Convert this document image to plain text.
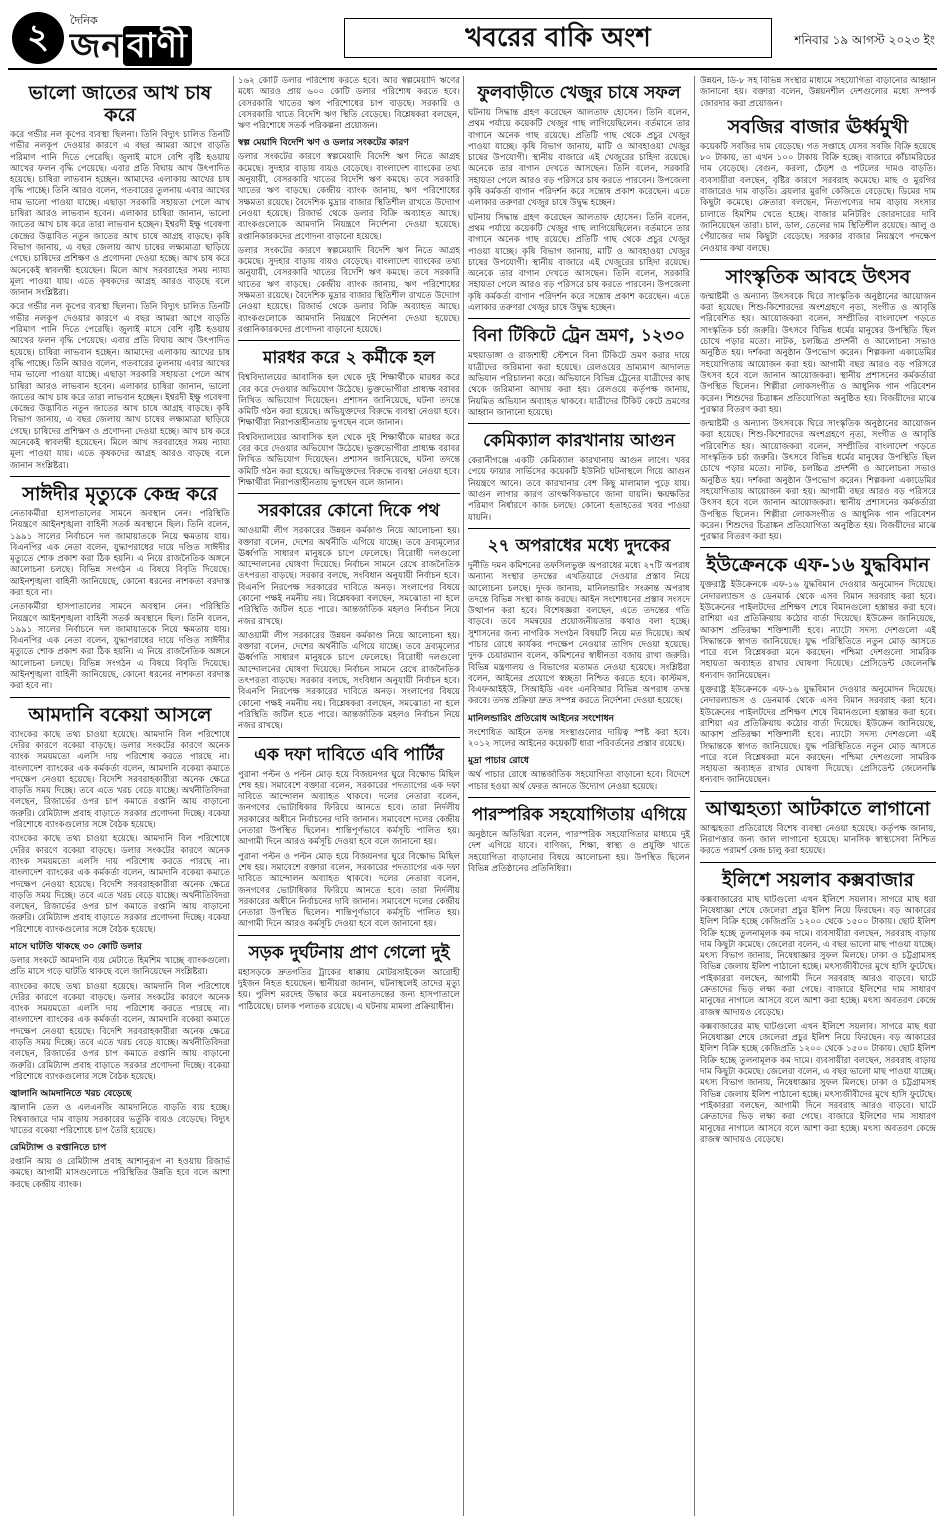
২	দৈনিক
জন বাণী	খবরের বাকি অংশ	শনিবার ১৯ আগস্ট ২০২৩ ইং
ভালো জাতের আখ চাষ করে

করে গন্ডীর নল কূপের ব্যবস্থা ছিলনা। তিনি বিদ্যুৎ চালিত তিনটি গভীর নলকূপ দেওয়ার কারণে এ বছর আমরা আগে বাড়তি পরিমাণ পানি দিতে পেরেছি। জুলাই মাসে বেশি বৃষ্টি হওয়ায় আখের ফলন বৃদ্ধি পেয়েছে। এবার প্রতি বিঘায় আখ উৎপাদিত হয়েছে। চাষিরা লাভবান হচ্ছেন। আমাদের এলাকায় আখের চাষ বৃদ্ধি পাচ্ছে। তিনি আরও বলেন, গতবারের তুলনায় এবার আখের দাম ভালো পাওয়া যাচ্ছে। এছাড়া সরকারি সহায়তা পেলে আখ চাষিরা আরও লাভবান হবেন। এলাকার চাষিরা জানান, ভালো জাতের আখ চাষ করে তারা লাভবান হচ্ছেন। ইশ্বরদী ইক্ষু গবেষণা কেন্দ্রের উদ্ভাবিত নতুন জাতের আখ চাষে আগ্রহ বাড়ছে। কৃষি বিভাগ জানায়, এ বছর জেলায় আখ চাষের লক্ষ্যমাত্রা ছাড়িয়ে গেছে। চাষিদের প্রশিক্ষণ ও প্রণোদনা দেওয়া হচ্ছে। আখ চাষ করে অনেকেই স্বাবলম্বী হয়েছেন। মিলে আখ সরবরাহের সময় ন্যায্য মূল্য পাওয়া যায়। এতে কৃষকদের আগ্রহ আরও বাড়ছে বলে জানান সংশ্লিষ্টরা।

করে গন্ডীর নল কূপের ব্যবস্থা ছিলনা। তিনি বিদ্যুৎ চালিত তিনটি গভীর নলকূপ দেওয়ার কারণে এ বছর আমরা আগে বাড়তি পরিমাণ পানি দিতে পেরেছি। জুলাই মাসে বেশি বৃষ্টি হওয়ায় আখের ফলন বৃদ্ধি পেয়েছে। এবার প্রতি বিঘায় আখ উৎপাদিত হয়েছে। চাষিরা লাভবান হচ্ছেন। আমাদের এলাকায় আখের চাষ বৃদ্ধি পাচ্ছে। তিনি আরও বলেন, গতবারের তুলনায় এবার আখের দাম ভালো পাওয়া যাচ্ছে। এছাড়া সরকারি সহায়তা পেলে আখ চাষিরা আরও লাভবান হবেন। এলাকার চাষিরা জানান, ভালো জাতের আখ চাষ করে তারা লাভবান হচ্ছেন। ইশ্বরদী ইক্ষু গবেষণা কেন্দ্রের উদ্ভাবিত নতুন জাতের আখ চাষে আগ্রহ বাড়ছে। কৃষি বিভাগ জানায়, এ বছর জেলায় আখ চাষের লক্ষ্যমাত্রা ছাড়িয়ে গেছে। চাষিদের প্রশিক্ষণ ও প্রণোদনা দেওয়া হচ্ছে। আখ চাষ করে অনেকেই স্বাবলম্বী হয়েছেন। মিলে আখ সরবরাহের সময় ন্যায্য মূল্য পাওয়া যায়। এতে কৃষকদের আগ্রহ আরও বাড়ছে বলে জানান সংশ্লিষ্টরা।

সাঈদীর মৃত্যুকে কেন্দ্র করে

নেতাকর্মীরা হাসপাতালের সামনে অবস্থান নেন। পরিস্থিতি নিয়ন্ত্রণে আইনশৃঙ্খলা বাহিনী সতর্ক অবস্থানে ছিল। তিনি বলেন, ১৯৯১ সালের নির্বাচনে দল জামায়াতকে নিয়ে ক্ষমতায় যায়। বিএনপির এক নেতা বলেন, যুদ্ধাপরাধের দায়ে দণ্ডিত সাঈদীর মৃত্যুতে শোক প্রকাশ করা ঠিক হয়নি। এ নিয়ে রাজনৈতিক অঙ্গনে আলোচনা চলছে। বিভিন্ন সংগঠন এ বিষয়ে বিবৃতি দিয়েছে। আইনশৃঙ্খলা বাহিনী জানিয়েছে, কোনো ধরনের নাশকতা বরদাস্ত করা হবে না।

নেতাকর্মীরা হাসপাতালের সামনে অবস্থান নেন। পরিস্থিতি নিয়ন্ত্রণে আইনশৃঙ্খলা বাহিনী সতর্ক অবস্থানে ছিল। তিনি বলেন, ১৯৯১ সালের নির্বাচনে দল জামায়াতকে নিয়ে ক্ষমতায় যায়। বিএনপির এক নেতা বলেন, যুদ্ধাপরাধের দায়ে দণ্ডিত সাঈদীর মৃত্যুতে শোক প্রকাশ করা ঠিক হয়নি। এ নিয়ে রাজনৈতিক অঙ্গনে আলোচনা চলছে। বিভিন্ন সংগঠন এ বিষয়ে বিবৃতি দিয়েছে। আইনশৃঙ্খলা বাহিনী জানিয়েছে, কোনো ধরনের নাশকতা বরদাস্ত করা হবে না।

আমদানি বকেয়া আসলে

ব্যাংকের কাছে তথ্য চাওয়া হয়েছে। আমদানি বিল পরিশোধে দেরির কারণে বকেয়া বাড়ছে। ডলার সংকটের কারণে অনেক ব্যাংক সময়মতো এলসি দায় পরিশোধ করতে পারছে না। বাংলাদেশ ব্যাংকের এক কর্মকর্তা বলেন, আমদানি বকেয়া কমাতে পদক্ষেপ নেওয়া হয়েছে। বিদেশি সরবরাহকারীরা অনেক ক্ষেত্রে বাড়তি সময় দিচ্ছে। তবে এতে খরচ বেড়ে যাচ্ছে। অর্থনীতিবিদরা বলছেন, রিজার্ভের ওপর চাপ কমাতে রপ্তানি আয় বাড়ানো জরুরি। রেমিট্যান্স প্রবাহ বাড়াতে সরকার প্রণোদনা দিচ্ছে। বকেয়া পরিশোধে ব্যাংকগুলোর সঙ্গে বৈঠক হয়েছে।

ব্যাংকের কাছে তথ্য চাওয়া হয়েছে। আমদানি বিল পরিশোধে দেরির কারণে বকেয়া বাড়ছে। ডলার সংকটের কারণে অনেক ব্যাংক সময়মতো এলসি দায় পরিশোধ করতে পারছে না। বাংলাদেশ ব্যাংকের এক কর্মকর্তা বলেন, আমদানি বকেয়া কমাতে পদক্ষেপ নেওয়া হয়েছে। বিদেশি সরবরাহকারীরা অনেক ক্ষেত্রে বাড়তি সময় দিচ্ছে। তবে এতে খরচ বেড়ে যাচ্ছে। অর্থনীতিবিদরা বলছেন, রিজার্ভের ওপর চাপ কমাতে রপ্তানি আয় বাড়ানো জরুরি। রেমিট্যান্স প্রবাহ বাড়াতে সরকার প্রণোদনা দিচ্ছে। বকেয়া পরিশোধে ব্যাংকগুলোর সঙ্গে বৈঠক হয়েছে।

মাসে ঘাটতি থাকছে ৩০ কোটি ডলার

ডলার সংকটে আমদানি ব্যয় মেটাতে হিমশিম খাচ্ছে ব্যাংকগুলো। প্রতি মাসে গড়ে ঘাটতি থাকছে বলে জানিয়েছেন সংশ্লিষ্টরা।

ব্যাংকের কাছে তথ্য চাওয়া হয়েছে। আমদানি বিল পরিশোধে দেরির কারণে বকেয়া বাড়ছে। ডলার সংকটের কারণে অনেক ব্যাংক সময়মতো এলসি দায় পরিশোধ করতে পারছে না। বাংলাদেশ ব্যাংকের এক কর্মকর্তা বলেন, আমদানি বকেয়া কমাতে পদক্ষেপ নেওয়া হয়েছে। বিদেশি সরবরাহকারীরা অনেক ক্ষেত্রে বাড়তি সময় দিচ্ছে। তবে এতে খরচ বেড়ে যাচ্ছে। অর্থনীতিবিদরা বলছেন, রিজার্ভের ওপর চাপ কমাতে রপ্তানি আয় বাড়ানো জরুরি। রেমিট্যান্স প্রবাহ বাড়াতে সরকার প্রণোদনা দিচ্ছে। বকেয়া পরিশোধে ব্যাংকগুলোর সঙ্গে বৈঠক হয়েছে।

জ্বালানি আমদানিতে খরচ বেড়েছে

জ্বালানি তেল ও এলএনজি আমদানিতে বাড়তি ব্যয় হচ্ছে। বিশ্ববাজারে দাম বাড়ায় সরকারের ভর্তুকি ব্যয়ও বেড়েছে। বিদ্যুৎ খাতের বকেয়া পরিশোধে চাপ তৈরি হয়েছে।

রেমিট্যান্স ও রপ্তানিতে চাপ

রপ্তানি আয় ও রেমিট্যান্স প্রবাহ আশানুরূপ না হওয়ায় রিজার্ভ কমছে। আগামী মাসগুলোতে পরিস্থিতির উন্নতি হবে বলে আশা করছে কেন্দ্রীয় ব্যাংক।

১৬২ কোটি ডলার পরিশোধ করতে হবে। আর স্বল্পমেয়াদি ঋণের মধ্যে আরও প্রায় ৬০০ কোটি ডলার পরিশোধ করতে হবে। বেসরকারি খাতের ঋণ পরিশোধের চাপ বাড়ছে। সরকারি ও বেসরকারি খাতে বিদেশি ঋণ স্থিতি বেড়েছে। বিশ্লেষকরা বলছেন, ঋণ পরিশোধে সতর্ক পরিকল্পনা প্রয়োজন।

স্বল্প মেয়াদি বিদেশি ঋণ ও ডলার সংকটের কারণ

ডলার সংকটের কারণে স্বল্পমেয়াদি বিদেশি ঋণ নিতে আগ্রহ কমেছে। সুদহার বাড়ায় ব্যয়ও বেড়েছে। বাংলাদেশ ব্যাংকের তথ্য অনুযায়ী, বেসরকারি খাতের বিদেশি ঋণ কমছে। তবে সরকারি খাতের ঋণ বাড়ছে। কেন্দ্রীয় ব্যাংক জানায়, ঋণ পরিশোধের সক্ষমতা রয়েছে। বৈদেশিক মুদ্রার বাজার স্থিতিশীল রাখতে উদ্যোগ নেওয়া হয়েছে। রিজার্ভ থেকে ডলার বিক্রি অব্যাহত আছে। ব্যাংকগুলোকে আমদানি নিয়ন্ত্রণে নির্দেশনা দেওয়া হয়েছে। রপ্তানিকারকদের প্রণোদনা বাড়ানো হয়েছে।

ডলার সংকটের কারণে স্বল্পমেয়াদি বিদেশি ঋণ নিতে আগ্রহ কমেছে। সুদহার বাড়ায় ব্যয়ও বেড়েছে। বাংলাদেশ ব্যাংকের তথ্য অনুযায়ী, বেসরকারি খাতের বিদেশি ঋণ কমছে। তবে সরকারি খাতের ঋণ বাড়ছে। কেন্দ্রীয় ব্যাংক জানায়, ঋণ পরিশোধের সক্ষমতা রয়েছে। বৈদেশিক মুদ্রার বাজার স্থিতিশীল রাখতে উদ্যোগ নেওয়া হয়েছে। রিজার্ভ থেকে ডলার বিক্রি অব্যাহত আছে। ব্যাংকগুলোকে আমদানি নিয়ন্ত্রণে নির্দেশনা দেওয়া হয়েছে। রপ্তানিকারকদের প্রণোদনা বাড়ানো হয়েছে।

মারধর করে ২ কর্মীকে হল

বিশ্ববিদ্যালয়ের আবাসিক হল থেকে দুই শিক্ষার্থীকে মারধর করে বের করে দেওয়ার অভিযোগ উঠেছে। ভুক্তভোগীরা প্রাধ্যক্ষ বরাবর লিখিত অভিযোগ দিয়েছেন। প্রশাসন জানিয়েছে, ঘটনা তদন্তে কমিটি গঠন করা হয়েছে। অভিযুক্তদের বিরুদ্ধে ব্যবস্থা নেওয়া হবে। শিক্ষার্থীরা নিরাপত্তাহীনতায় ভুগছেন বলে জানান।

বিশ্ববিদ্যালয়ের আবাসিক হল থেকে দুই শিক্ষার্থীকে মারধর করে বের করে দেওয়ার অভিযোগ উঠেছে। ভুক্তভোগীরা প্রাধ্যক্ষ বরাবর লিখিত অভিযোগ দিয়েছেন। প্রশাসন জানিয়েছে, ঘটনা তদন্তে কমিটি গঠন করা হয়েছে। অভিযুক্তদের বিরুদ্ধে ব্যবস্থা নেওয়া হবে। শিক্ষার্থীরা নিরাপত্তাহীনতায় ভুগছেন বলে জানান।

সরকারের কোনো দিকে পথ

আওয়ামী লীগ সরকারের উন্নয়ন কর্মকাণ্ড নিয়ে আলোচনা হয়। বক্তারা বলেন, দেশের অর্থনীতি এগিয়ে যাচ্ছে। তবে দ্রব্যমূল্যের ঊর্ধ্বগতি সাধারণ মানুষকে চাপে ফেলেছে। বিরোধী দলগুলো আন্দোলনের ঘোষণা দিয়েছে। নির্বাচন সামনে রেখে রাজনৈতিক তৎপরতা বাড়ছে। সরকার বলছে, সংবিধান অনুযায়ী নির্বাচন হবে। বিএনপি নিরপেক্ষ সরকারের দাবিতে অনড়। সংলাপের বিষয়ে কোনো পক্ষই নমনীয় নয়। বিশ্লেষকরা বলছেন, সমঝোতা না হলে পরিস্থিতি জটিল হতে পারে। আন্তর্জাতিক মহলও নির্বাচন নিয়ে নজর রাখছে।

আওয়ামী লীগ সরকারের উন্নয়ন কর্মকাণ্ড নিয়ে আলোচনা হয়। বক্তারা বলেন, দেশের অর্থনীতি এগিয়ে যাচ্ছে। তবে দ্রব্যমূল্যের ঊর্ধ্বগতি সাধারণ মানুষকে চাপে ফেলেছে। বিরোধী দলগুলো আন্দোলনের ঘোষণা দিয়েছে। নির্বাচন সামনে রেখে রাজনৈতিক তৎপরতা বাড়ছে। সরকার বলছে, সংবিধান অনুযায়ী নির্বাচন হবে। বিএনপি নিরপেক্ষ সরকারের দাবিতে অনড়। সংলাপের বিষয়ে কোনো পক্ষই নমনীয় নয়। বিশ্লেষকরা বলছেন, সমঝোতা না হলে পরিস্থিতি জটিল হতে পারে। আন্তর্জাতিক মহলও নির্বাচন নিয়ে নজর রাখছে।

এক দফা দাবিতে এবি পার্টির

পুরানা পল্টন ও পল্টন মোড় হয়ে বিজয়নগর ঘুরে বিক্ষোভ মিছিল শেষ হয়। সমাবেশে বক্তারা বলেন, সরকারের পদত্যাগের এক দফা দাবিতে আন্দোলন অব্যাহত থাকবে। দলের নেতারা বলেন, জনগণের ভোটাধিকার ফিরিয়ে আনতে হবে। তারা নির্দলীয় সরকারের অধীনে নির্বাচনের দাবি জানান। সমাবেশে দলের কেন্দ্রীয় নেতারা উপস্থিত ছিলেন। শান্তিপূর্ণভাবে কর্মসূচি পালিত হয়। আগামী দিনে আরও কর্মসূচি দেওয়া হবে বলে জানানো হয়।

পুরানা পল্টন ও পল্টন মোড় হয়ে বিজয়নগর ঘুরে বিক্ষোভ মিছিল শেষ হয়। সমাবেশে বক্তারা বলেন, সরকারের পদত্যাগের এক দফা দাবিতে আন্দোলন অব্যাহত থাকবে। দলের নেতারা বলেন, জনগণের ভোটাধিকার ফিরিয়ে আনতে হবে। তারা নির্দলীয় সরকারের অধীনে নির্বাচনের দাবি জানান। সমাবেশে দলের কেন্দ্রীয় নেতারা উপস্থিত ছিলেন। শান্তিপূর্ণভাবে কর্মসূচি পালিত হয়। আগামী দিনে আরও কর্মসূচি দেওয়া হবে বলে জানানো হয়।

সড়ক দুর্ঘটনায় প্রাণ গেলো দুই

মহাসড়কে দ্রুতগতির ট্রাকের ধাক্কায় মোটরসাইকেল আরোহী দুইজন নিহত হয়েছেন। স্থানীয়রা জানান, ঘটনাস্থলেই তাদের মৃত্যু হয়। পুলিশ মরদেহ উদ্ধার করে ময়নাতদন্তের জন্য হাসপাতালে পাঠিয়েছে। চালক পলাতক রয়েছে। এ ঘটনায় মামলা প্রক্রিয়াধীন।

ফুলবাড়ীতে খেজুর চাষে সফল

ঘটনায় সিদ্ধান্ত গ্রহণ করেছেন আলতাফ হোসেন। তিনি বলেন, প্রথম পর্যায়ে কয়েকটি খেজুর গাছ লাগিয়েছিলেন। বর্তমানে তার বাগানে অনেক গাছ রয়েছে। প্রতিটি গাছ থেকে প্রচুর খেজুর পাওয়া যাচ্ছে। কৃষি বিভাগ জানায়, মাটি ও আবহাওয়া খেজুর চাষের উপযোগী। স্থানীয় বাজারে এই খেজুরের চাহিদা রয়েছে। অনেকে তার বাগান দেখতে আসছেন। তিনি বলেন, সরকারি সহায়তা পেলে আরও বড় পরিসরে চাষ করতে পারবেন। উপজেলা কৃষি কর্মকর্তা বাগান পরিদর্শন করে সন্তোষ প্রকাশ করেছেন। এতে এলাকার তরুণরা খেজুর চাষে উদ্বুদ্ধ হচ্ছেন।

ঘটনায় সিদ্ধান্ত গ্রহণ করেছেন আলতাফ হোসেন। তিনি বলেন, প্রথম পর্যায়ে কয়েকটি খেজুর গাছ লাগিয়েছিলেন। বর্তমানে তার বাগানে অনেক গাছ রয়েছে। প্রতিটি গাছ থেকে প্রচুর খেজুর পাওয়া যাচ্ছে। কৃষি বিভাগ জানায়, মাটি ও আবহাওয়া খেজুর চাষের উপযোগী। স্থানীয় বাজারে এই খেজুরের চাহিদা রয়েছে। অনেকে তার বাগান দেখতে আসছেন। তিনি বলেন, সরকারি সহায়তা পেলে আরও বড় পরিসরে চাষ করতে পারবেন। উপজেলা কৃষি কর্মকর্তা বাগান পরিদর্শন করে সন্তোষ প্রকাশ করেছেন। এতে এলাকার তরুণরা খেজুর চাষে উদ্বুদ্ধ হচ্ছেন।

বিনা টিকিটে ট্রেন ভ্রমণ, ১২৩০

মহুয়াডাঙ্গা ও রাজশাহী স্টেশনে বিনা টিকিটে ভ্রমণ করার দায়ে যাত্রীদের জরিমানা করা হয়েছে। রেলওয়ের ভ্রাম্যমাণ আদালত অভিযান পরিচালনা করে। অভিযানে বিভিন্ন ট্রেনের যাত্রীদের কাছ থেকে জরিমানা আদায় করা হয়। রেলওয়ে কর্তৃপক্ষ জানায়, নিয়মিত অভিযান অব্যাহত থাকবে। যাত্রীদের টিকিট কেটে ভ্রমণের আহ্বান জানানো হয়েছে।

কেমিক্যাল কারখানায় আগুন

কেরানীগঞ্জে একটি কেমিক্যাল কারখানায় আগুন লাগে। খবর পেয়ে ফায়ার সার্ভিসের কয়েকটি ইউনিট ঘটনাস্থলে গিয়ে আগুন নিয়ন্ত্রণে আনে। তবে কারখানার বেশ কিছু মালামাল পুড়ে যায়। আগুন লাগার কারণ তাৎক্ষণিকভাবে জানা যায়নি। ক্ষয়ক্ষতির পরিমাণ নির্ধারণে কাজ চলছে। কোনো হতাহতের খবর পাওয়া যায়নি।

২৭ অপরাধের মধ্যে দুদকের

দুর্নীতি দমন কমিশনের তফসিলভুক্ত অপরাধের মধ্যে ২৭টি অপরাধ অন্যান্য সংস্থার তদন্তের এখতিয়ারে দেওয়ার প্রস্তাব নিয়ে আলোচনা চলছে। দুদক জানায়, মানিলন্ডারিং সংক্রান্ত অপরাধ তদন্তে বিভিন্ন সংস্থা কাজ করছে। আইন সংশোধনের প্রস্তাব সংসদে উত্থাপন করা হবে। বিশেষজ্ঞরা বলছেন, এতে তদন্তের গতি বাড়বে। তবে সমন্বয়ের প্রয়োজনীয়তার কথাও বলা হচ্ছে। সুশাসনের জন্য নাগরিক সংগঠন বিষয়টি নিয়ে মত দিয়েছে। অর্থ পাচার রোধে কার্যকর পদক্ষেপ নেওয়ার তাগিদ দেওয়া হয়েছে। দুদক চেয়ারম্যান বলেন, কমিশনের স্বাধীনতা বজায় রাখা জরুরি। বিভিন্ন মন্ত্রণালয় ও বিভাগের মতামত নেওয়া হয়েছে। সংশ্লিষ্টরা বলেন, আইনের প্রয়োগে স্বচ্ছতা নিশ্চিত করতে হবে। কাস্টমস, বিএফআইইউ, সিআইডি এবং এনবিআর বিভিন্ন অপরাধ তদন্ত করবে। তদন্ত প্রক্রিয়া দ্রুত সম্পন্ন করতে নির্দেশনা দেওয়া হয়েছে।

মানিলন্ডারিং প্রতিরোধ আইনের সংশোধন

সংশোধিত আইনে তদন্ত সংস্থাগুলোর দায়িত্ব স্পষ্ট করা হবে। ২০১২ সালের আইনের কয়েকটি ধারা পরিবর্তনের প্রস্তাব রয়েছে।

মুদ্রা পাচার রোধে

অর্থ পাচার রোধে আন্তর্জাতিক সহযোগিতা বাড়ানো হবে। বিদেশে পাচার হওয়া অর্থ ফেরত আনতে উদ্যোগ নেওয়া হয়েছে।

পারস্পরিক সহযোগিতায় এগিয়ে

অনুষ্ঠানে অতিথিরা বলেন, পারস্পরিক সহযোগিতার মাধ্যমে দুই দেশ এগিয়ে যাবে। বাণিজ্য, শিক্ষা, স্বাস্থ্য ও প্রযুক্তি খাতে সহযোগিতা বাড়ানোর বিষয়ে আলোচনা হয়। উপস্থিত ছিলেন বিভিন্ন প্রতিষ্ঠানের প্রতিনিধিরা।

উন্নয়ন, ডি-৮ সহ বিভিন্ন সংস্থার মাধ্যমে সহযোগিতা বাড়ানোর আহ্বান জানানো হয়। বক্তারা বলেন, উন্নয়নশীল দেশগুলোর মধ্যে সম্পর্ক জোরদার করা প্রয়োজন।

সবজির বাজার ঊর্ধ্বমুখী

কয়েকটি সবজির দাম বেড়েছে। গত সপ্তাহে যেসব সবজি বিক্রি হয়েছে ৮০ টাকায়, তা এখন ১০০ টাকায় বিক্রি হচ্ছে। বাজারে কাঁচামরিচের দাম বেড়েছে। বেগুন, করলা, ঢেঁড়শ ও পটলের দামও বাড়তি। ব্যবসায়ীরা বলছেন, বৃষ্টির কারণে সরবরাহ কমেছে। মাছ ও মুরগির বাজারেও দাম বাড়তি। ব্রয়লার মুরগি কেজিতে বেড়েছে। ডিমের দাম কিছুটা কমেছে। ক্রেতারা বলছেন, নিত্যপণ্যের দাম বাড়ায় সংসার চালাতে হিমশিম খেতে হচ্ছে। বাজার মনিটরিং জোরদারের দাবি জানিয়েছেন তারা। চাল, ডাল, তেলের দাম স্থিতিশীল রয়েছে। আলু ও পেঁয়াজের দাম কিছুটা বেড়েছে। সরকার বাজার নিয়ন্ত্রণে পদক্ষেপ নেওয়ার কথা বলছে।

সাংস্কৃতিক আবহে উৎসব

জন্মাষ্টমী ও অন্যান্য উৎসবকে ঘিরে সাংস্কৃতিক অনুষ্ঠানের আয়োজন করা হয়েছে। শিশু-কিশোরদের অংশগ্রহণে নৃত্য, সংগীত ও আবৃত্তি পরিবেশিত হয়। আয়োজকরা বলেন, সম্প্রীতির বাংলাদেশ গড়তে সাংস্কৃতিক চর্চা জরুরি। উৎসবে বিভিন্ন ধর্মের মানুষের উপস্থিতি ছিল চোখে পড়ার মতো। নাটক, চলচ্চিত্র প্রদর্শনী ও আলোচনা সভাও অনুষ্ঠিত হয়। দর্শকরা অনুষ্ঠান উপভোগ করেন। শিল্পকলা একাডেমির সহযোগিতায় আয়োজন করা হয়। আগামী বছর আরও বড় পরিসরে উৎসব হবে বলে জানান আয়োজকরা। স্থানীয় প্রশাসনের কর্মকর্তারা উপস্থিত ছিলেন। শিল্পীরা লোকসংগীত ও আধুনিক গান পরিবেশন করেন। শিশুদের চিত্রাঙ্কন প্রতিযোগিতা অনুষ্ঠিত হয়। বিজয়ীদের মাঝে পুরস্কার বিতরণ করা হয়।

জন্মাষ্টমী ও অন্যান্য উৎসবকে ঘিরে সাংস্কৃতিক অনুষ্ঠানের আয়োজন করা হয়েছে। শিশু-কিশোরদের অংশগ্রহণে নৃত্য, সংগীত ও আবৃত্তি পরিবেশিত হয়। আয়োজকরা বলেন, সম্প্রীতির বাংলাদেশ গড়তে সাংস্কৃতিক চর্চা জরুরি। উৎসবে বিভিন্ন ধর্মের মানুষের উপস্থিতি ছিল চোখে পড়ার মতো। নাটক, চলচ্চিত্র প্রদর্শনী ও আলোচনা সভাও অনুষ্ঠিত হয়। দর্শকরা অনুষ্ঠান উপভোগ করেন। শিল্পকলা একাডেমির সহযোগিতায় আয়োজন করা হয়। আগামী বছর আরও বড় পরিসরে উৎসব হবে বলে জানান আয়োজকরা। স্থানীয় প্রশাসনের কর্মকর্তারা উপস্থিত ছিলেন। শিল্পীরা লোকসংগীত ও আধুনিক গান পরিবেশন করেন। শিশুদের চিত্রাঙ্কন প্রতিযোগিতা অনুষ্ঠিত হয়। বিজয়ীদের মাঝে পুরস্কার বিতরণ করা হয়।

ইউক্রেনকে এফ-১৬ যুদ্ধবিমান

যুক্তরাষ্ট্র ইউক্রেনকে এফ-১৬ যুদ্ধবিমান দেওয়ার অনুমোদন দিয়েছে। নেদারল্যান্ডস ও ডেনমার্ক থেকে এসব বিমান সরবরাহ করা হবে। ইউক্রেনের পাইলটদের প্রশিক্ষণ শেষে বিমানগুলো হস্তান্তর করা হবে। রাশিয়া এর প্রতিক্রিয়ায় কঠোর বার্তা দিয়েছে। ইউক্রেন জানিয়েছে, আকাশ প্রতিরক্ষা শক্তিশালী হবে। ন্যাটো সদস্য দেশগুলো এই সিদ্ধান্তকে স্বাগত জানিয়েছে। যুদ্ধ পরিস্থিতিতে নতুন মোড় আসতে পারে বলে বিশ্লেষকরা মনে করছেন। পশ্চিমা দেশগুলো সামরিক সহায়তা অব্যাহত রাখার ঘোষণা দিয়েছে। প্রেসিডেন্ট জেলেনস্কি ধন্যবাদ জানিয়েছেন।

যুক্তরাষ্ট্র ইউক্রেনকে এফ-১৬ যুদ্ধবিমান দেওয়ার অনুমোদন দিয়েছে। নেদারল্যান্ডস ও ডেনমার্ক থেকে এসব বিমান সরবরাহ করা হবে। ইউক্রেনের পাইলটদের প্রশিক্ষণ শেষে বিমানগুলো হস্তান্তর করা হবে। রাশিয়া এর প্রতিক্রিয়ায় কঠোর বার্তা দিয়েছে। ইউক্রেন জানিয়েছে, আকাশ প্রতিরক্ষা শক্তিশালী হবে। ন্যাটো সদস্য দেশগুলো এই সিদ্ধান্তকে স্বাগত জানিয়েছে। যুদ্ধ পরিস্থিতিতে নতুন মোড় আসতে পারে বলে বিশ্লেষকরা মনে করছেন। পশ্চিমা দেশগুলো সামরিক সহায়তা অব্যাহত রাখার ঘোষণা দিয়েছে। প্রেসিডেন্ট জেলেনস্কি ধন্যবাদ জানিয়েছেন।

আত্মহত্যা আটকাতে লাগানো

আত্মহত্যা প্রতিরোধে বিশেষ ব্যবস্থা নেওয়া হয়েছে। কর্তৃপক্ষ জানায়, নিরাপত্তার জন্য জাল লাগানো হয়েছে। মানসিক স্বাস্থ্যসেবা নিশ্চিত করতে পরামর্শ কেন্দ্র চালু করা হয়েছে।

ইলিশে সয়লাব কক্সবাজার

কক্সবাজারের মাছ ঘাটগুলো এখন ইলিশে সয়লাব। সাগরে মাছ ধরা নিষেধাজ্ঞা শেষে জেলেরা প্রচুর ইলিশ নিয়ে ফিরছেন। বড় আকারের ইলিশ বিক্রি হচ্ছে কেজিপ্রতি ১২০০ থেকে ১৫০০ টাকায়। ছোট ইলিশ বিক্রি হচ্ছে তুলনামূলক কম দামে। ব্যবসায়ীরা বলছেন, সরবরাহ বাড়ায় দাম কিছুটা কমেছে। জেলেরা বলেন, এ বছর ভালো মাছ পাওয়া যাচ্ছে। মৎস্য বিভাগ জানায়, নিষেধাজ্ঞার সুফল মিলছে। ঢাকা ও চট্টগ্রামসহ বিভিন্ন জেলায় ইলিশ পাঠানো হচ্ছে। মৎস্যজীবীদের মুখে হাসি ফুটেছে। পাইকাররা বলছেন, আগামী দিনে সরবরাহ আরও বাড়বে। ঘাটে ক্রেতাদের ভিড় লক্ষ্য করা গেছে। বাজারে ইলিশের দাম সাধারণ মানুষের নাগালে আসবে বলে আশা করা হচ্ছে। মৎস্য অবতরণ কেন্দ্রে রাজস্ব আদায়ও বেড়েছে।

কক্সবাজারের মাছ ঘাটগুলো এখন ইলিশে সয়লাব। সাগরে মাছ ধরা নিষেধাজ্ঞা শেষে জেলেরা প্রচুর ইলিশ নিয়ে ফিরছেন। বড় আকারের ইলিশ বিক্রি হচ্ছে কেজিপ্রতি ১২০০ থেকে ১৫০০ টাকায়। ছোট ইলিশ বিক্রি হচ্ছে তুলনামূলক কম দামে। ব্যবসায়ীরা বলছেন, সরবরাহ বাড়ায় দাম কিছুটা কমেছে। জেলেরা বলেন, এ বছর ভালো মাছ পাওয়া যাচ্ছে। মৎস্য বিভাগ জানায়, নিষেধাজ্ঞার সুফল মিলছে। ঢাকা ও চট্টগ্রামসহ বিভিন্ন জেলায় ইলিশ পাঠানো হচ্ছে। মৎস্যজীবীদের মুখে হাসি ফুটেছে। পাইকাররা বলছেন, আগামী দিনে সরবরাহ আরও বাড়বে। ঘাটে ক্রেতাদের ভিড় লক্ষ্য করা গেছে। বাজারে ইলিশের দাম সাধারণ মানুষের নাগালে আসবে বলে আশা করা হচ্ছে। মৎস্য অবতরণ কেন্দ্রে রাজস্ব আদায়ও বেড়েছে।
